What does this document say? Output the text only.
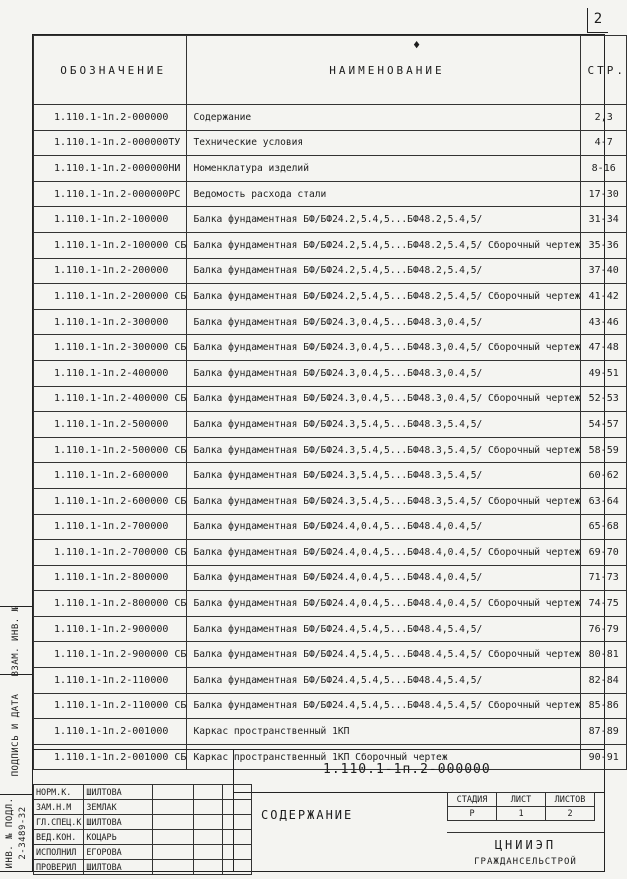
2
ВЗАМ. ИНВ. №
ПОДПИСЬ И ДАТА
ИНВ. № ПОДЛ. 2-3489-32
♦
ОБОЗНАЧЕНИЕ	НАИМЕНОВАНИЕ	СТР.
1.110.1-1п.2-000000	Содержание	2,3
1.110.1-1п.2-000000ТУ	Технические условия	4-7
1.110.1-1п.2-000000НИ	Номенклатура изделий	8-16
1.110.1-1п.2-000000РС	Ведомость расхода стали	17-30
1.110.1-1п.2-100000	Балка фундаментная БФ/БФ24.2,5.4,5...БФ48.2,5.4,5/	31-34
1.110.1-1п.2-100000 СБ	Балка фундаментная БФ/БФ24.2,5.4,5...БФ48.2,5.4,5/ Сборочный чертеж	35-36
1.110.1-1п.2-200000	Балка фундаментная БФ/БФ24.2,5.4,5...БФ48.2,5.4,5/	37-40
1.110.1-1п.2-200000 СБ	Балка фундаментная БФ/БФ24.2,5.4,5...БФ48.2,5.4,5/ Сборочный чертеж	41-42
1.110.1-1п.2-300000	Балка фундаментная БФ/БФ24.3,0.4,5...БФ48.3,0.4,5/	43-46
1.110.1-1п.2-300000 СБ	Балка фундаментная БФ/БФ24.3,0.4,5...БФ48.3,0.4,5/ Сборочный чертеж	47-48
1.110.1-1п.2-400000	Балка фундаментная БФ/БФ24.3,0.4,5...БФ48.3,0.4,5/	49-51
1.110.1-1п.2-400000 СБ	Балка фундаментная БФ/БФ24.3,0.4,5...БФ48.3,0.4,5/ Сборочный чертеж	52-53
1.110.1-1п.2-500000	Балка фундаментная БФ/БФ24.3,5.4,5...БФ48.3,5.4,5/	54-57
1.110.1-1п.2-500000 СБ	Балка фундаментная БФ/БФ24.3,5.4,5...БФ48.3,5.4,5/ Сборочный чертеж	58-59
1.110.1-1п.2-600000	Балка фундаментная БФ/БФ24.3,5.4,5...БФ48.3,5.4,5/	60-62
1.110.1-1п.2-600000 СБ	Балка фундаментная БФ/БФ24.3,5.4,5...БФ48.3,5.4,5/ Сборочный чертеж	63-64
1.110.1-1п.2-700000	Балка фундаментная БФ/БФ24.4,0.4,5...БФ48.4,0.4,5/	65-68
1.110.1-1п.2-700000 СБ	Балка фундаментная БФ/БФ24.4,0.4,5...БФ48.4,0.4,5/ Сборочный чертеж	69-70
1.110.1-1п.2-800000	Балка фундаментная БФ/БФ24.4,0.4,5...БФ48.4,0.4,5/	71-73
1.110.1-1п.2-800000 СБ	Балка фундаментная БФ/БФ24.4,0.4,5...БФ48.4,0.4,5/ Сборочный чертеж	74-75
1.110.1-1п.2-900000	Балка фундаментная БФ/БФ24.4,5.4,5...БФ48.4,5.4,5/	76-79
1.110.1-1п.2-900000 СБ	Балка фундаментная БФ/БФ24.4,5.4,5...БФ48.4,5.4,5/ Сборочный чертеж	80-81
1.110.1-1п.2-110000	Балка фундаментная БФ/БФ24.4,5.4,5...БФ48.4,5.4,5/	82-84
1.110.1-1п.2-110000 СБ	Балка фундаментная БФ/БФ24.4,5.4,5...БФ48.4,5.4,5/ Сборочный чертеж	85-86
1.110.1-1п.2-001000	Каркас пространственный 1КП	87-89
1.110.1-1п.2-001000 СБ	Каркас пространственный 1КП Сборочный чертеж	90-91
1.110.1-1п.2-000000
НОРМ.К.	ШИЛТОВА			
ЗАМ.Н.М	ЗЕМЛАК			
ГЛ.СПЕЦ.К	ШИЛТОВА			
ВЕД.КОН.	КОЦАРЬ			
ИСПОЛНИЛ	ЕГОРОВА			
ПРОВЕРИЛ	ШИЛТОВА			
СОДЕРЖАНИЕ
СТАДИЯ	ЛИСТ	ЛИСТОВ
Р	1	2
ЦНИИЭП
ГРАЖДАНСЕЛЬСТРОЙ
